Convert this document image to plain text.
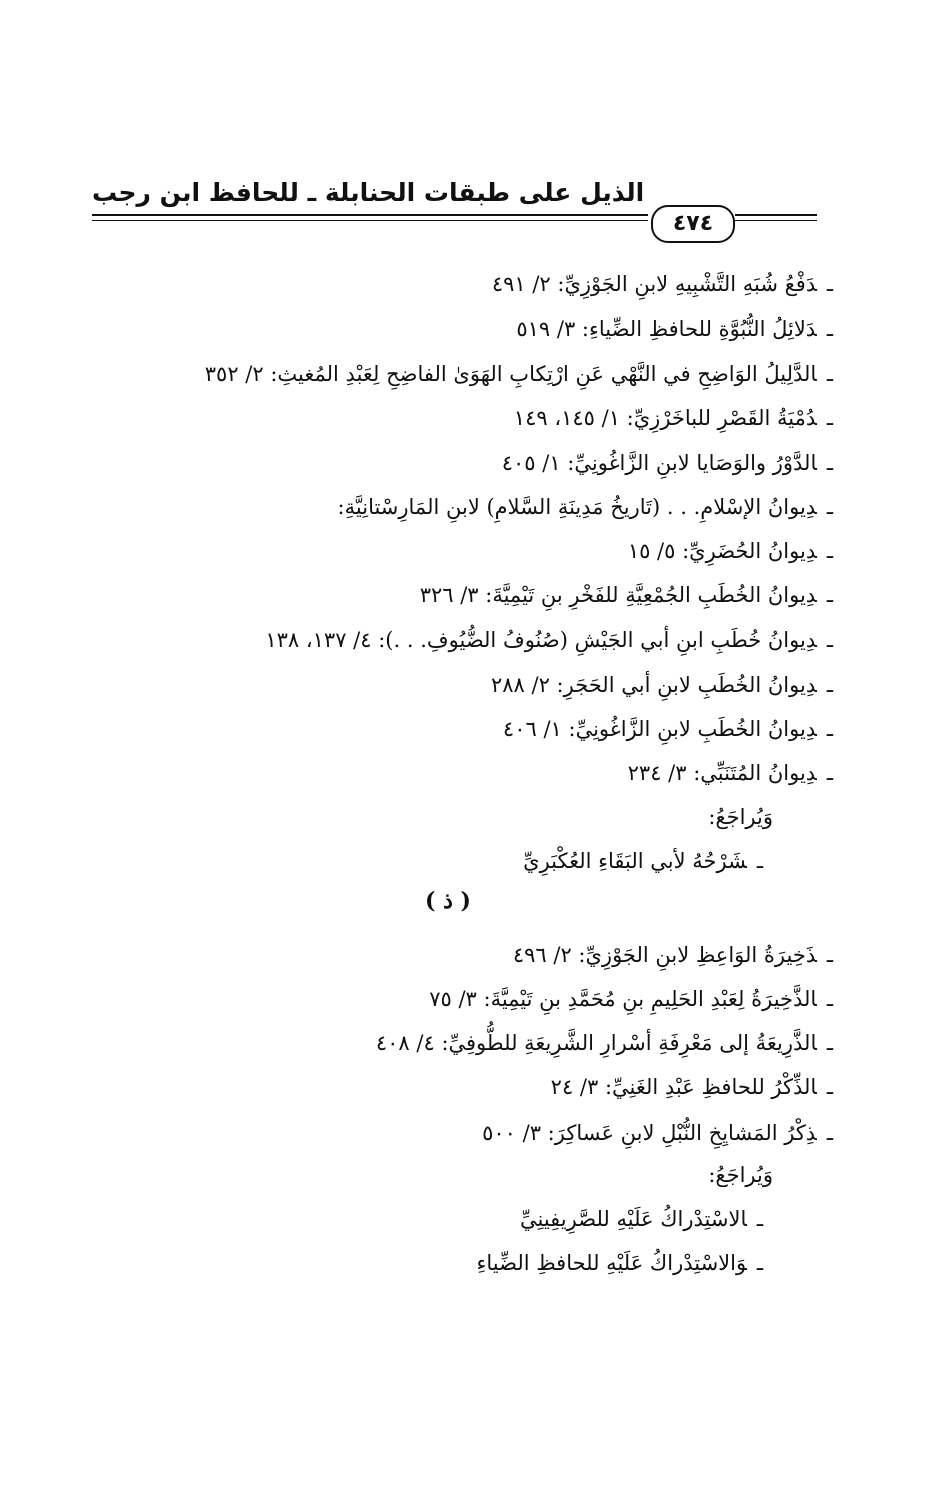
الذيل على طبقات الحنابلة ـ للحافظ ابن رجب
٤٧٤
ـدَفْعُ شُبَهِ التَّشْبِيهِ لابنِ الجَوْزِيِّ: ٢/ ٤٩١
ـدَلائِلُ النُّبُوَّةِ للحافظِ الضِّياءِ: ٣/ ٥١٩
ـالدَّلِيلُ الوَاضِحِ في النَّهْي عَنِ ارْتِكابِ الهَوَىٰ الفاضِحِ لِعَبْدِ المُغيثِ: ٢/ ٣٥٢
ـدُمْيَةُ القَصْرِ للباخَرْزِيِّ: ١/ ١٤٥، ١٤٩
ـالدَّوْرُ والوَصَايا لابنِ الزَّاغُونِيِّ: ١/ ٤٠٥
ـدِيوانُ الإسْلامِ. . . (تَاريخُ مَدِينَةِ السَّلامِ) لابنِ المَارِسْتانِيَّةِ:
ـدِيوانُ الحُضَرِيِّ: ٥/ ١٥
ـدِيوانُ الخُطَبِ الجُمْعِيَّةِ للفَخْرِ بنِ تَيْمِيَّةَ: ٣/ ٣٢٦
ـدِيوانُ خُطَبِ ابنِ أبي الجَيْشِ (صُنُوفُ الضُّيُوفِ. . .): ٤/ ١٣٧، ١٣٨
ـدِيوانُ الخُطَبِ لابنِ أبي الحَجَرِ: ٢/ ٢٨٨
ـدِيوانُ الخُطَبِ لابنِ الزَّاغُونِيِّ: ١/ ٤٠٦
ـدِيوانُ المُتَنَبِّي: ٣/ ٢٣٤
وَيُراجَعُ:
ـشَرْحُهُ لأبي البَقَاءِ العُكْبَرِيِّ
( ذ )
ـذَخِيرَةُ الوَاعِظِ لابنِ الجَوْزِيِّ: ٢/ ٤٩٦
ـالذَّخِيرَةُ لِعَبْدِ الحَلِيمِ بنِ مُحَمَّدِ بنِ تَيْمِيَّةَ: ٣/ ٧٥
ـالذَّرِيعَةُ إلى مَعْرِفَةِ أسْرارِ الشَّرِيعَةِ للطُّوفِيِّ: ٤/ ٤٠٨
ـالذِّكْرُ للحافظِ عَبْدِ الغَنِيِّ: ٣/ ٢٤
ـذِكْرُ المَشايِخِ النُّبْلِ لابنِ عَساكِرَ: ٣/ ٥٠٠
وَيُراجَعُ:
ـالاسْتِدْراكُ عَلَيْهِ للصَّرِيفِينِيِّ
ـوَالاسْتِدْراكُ عَلَيْهِ للحافظِ الضِّياءِ
